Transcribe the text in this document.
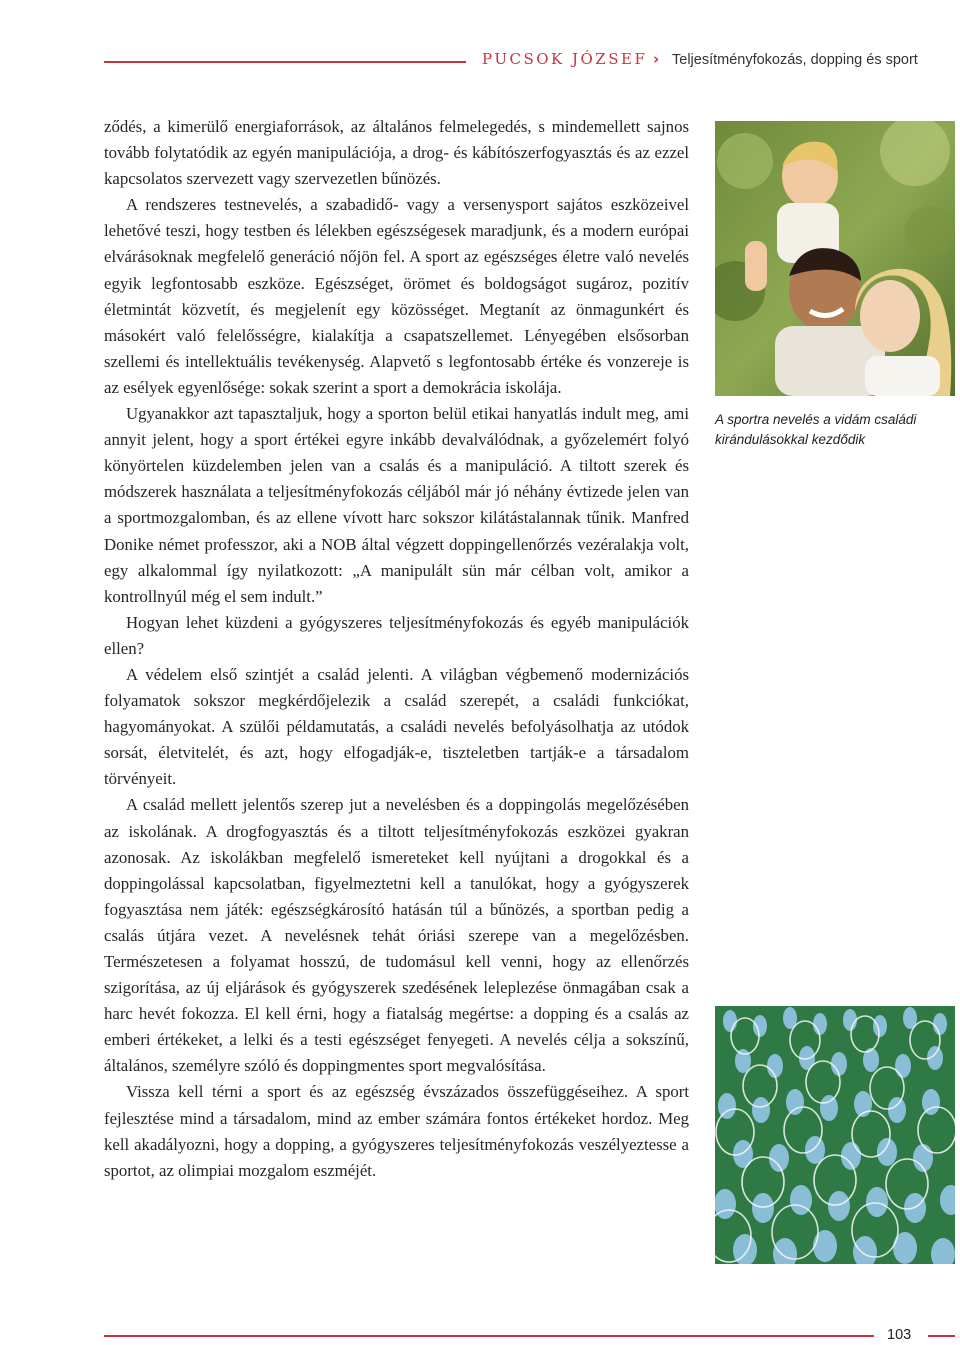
PUCSOK JÓZSEF › Teljesítményfokozás, dopping és sport

ződés, a kimerülő energiaforrások, az általános felmelegedés, s mindemellett sajnos tovább folytatódik az egyén manipulációja, a drog- és kábítószerfogyasztás és az ezzel kapcsolatos szervezett vagy szervezetlen bűnözés.

A rendszeres testnevelés, a szabadidő- vagy a versenysport sajátos eszközeivel lehetővé teszi, hogy testben és lélekben egészségesek maradjunk, és a modern európai elvárásoknak megfelelő generáció nőjön fel. A sport az egészséges életre való nevelés egyik legfontosabb eszköze. Egészséget, örömet és boldogságot sugároz, pozitív életmintát közvetít, és megjelenít egy közösséget. Megtanít az önmagunkért és másokért való felelősségre, kialakítja a csapatszellemet. Lényegében elsősorban szellemi és intellektuális tevékenység. Alapvető s legfontosabb értéke és vonzereje is az esélyek egyenlősége: sokak szerint a sport a demokrácia iskolája.

Ugyanakkor azt tapasztaljuk, hogy a sporton belül etikai hanyatlás indult meg, ami annyit jelent, hogy a sport értékei egyre inkább devalválódnak, a győzelemért folyó könyörtelen küzdelemben jelen van a csalás és a manipuláció. A tiltott szerek és módszerek használata a teljesítményfokozás céljából már jó néhány évtizede jelen van a sportmozgalomban, és az ellene vívott harc sokszor kilátástalannak tűnik. Manfred Donike német professzor, aki a NOB által végzett doppingellenőrzés vezéralakja volt, egy alkalommal így nyilatkozott: „A manipulált sün már célban volt, amikor a kontrollnyúl még el sem indult.”

Hogyan lehet küzdeni a gyógyszeres teljesítményfokozás és egyéb manipulációk ellen?

A védelem első szintjét a család jelenti. A világban végbemenő modernizációs folyamatok sokszor megkérdőjelezik a család szerepét, a családi funkciókat, hagyományokat. A szülői példamutatás, a családi nevelés befolyásolhatja az utódok sorsát, életvitelét, és azt, hogy elfogadják-e, tiszteletben tartják-e a társadalom törvényeit.

A család mellett jelentős szerep jut a nevelésben és a doppingolás megelőzésében az iskolának. A drogfogyasztás és a tiltott teljesítményfokozás eszközei gyakran azonosak. Az iskolákban megfelelő ismereteket kell nyújtani a drogokkal és a doppingolással kapcsolatban, figyelmeztetni kell a tanulókat, hogy a gyógyszerek fogyasztása nem játék: egészségkárosító hatásán túl a bűnözés, a sportban pedig a csalás útjára vezet. A nevelésnek tehát óriási szerepe van a megelőzésben. Természetesen a folyamat hosszú, de tudomásul kell venni, hogy az ellenőrzés szigorítása, az új eljárások és gyógyszerek szedésének leleplezése önmagában csak a harc hevét fokozza. El kell érni, hogy a fiatalság megértse: a dopping és a csalás az emberi értékeket, a lelki és a testi egészséget fenyegeti. A nevelés célja a sokszínű, általános, személyre szóló és doppingmentes sport megvalósítása.

Vissza kell térni a sport és az egészség évszázados összefüggéseihez. A sport fejlesztése mind a társadalom, mind az ember számára fontos értékeket hordoz. Meg kell akadályozni, hogy a dopping, a gyógyszeres teljesítményfokozás veszélyeztesse a sportot, az olimpiai mozgalom eszméjét.

A sportra nevelés a vidám családi kirándulásokkal kezdődik
103
